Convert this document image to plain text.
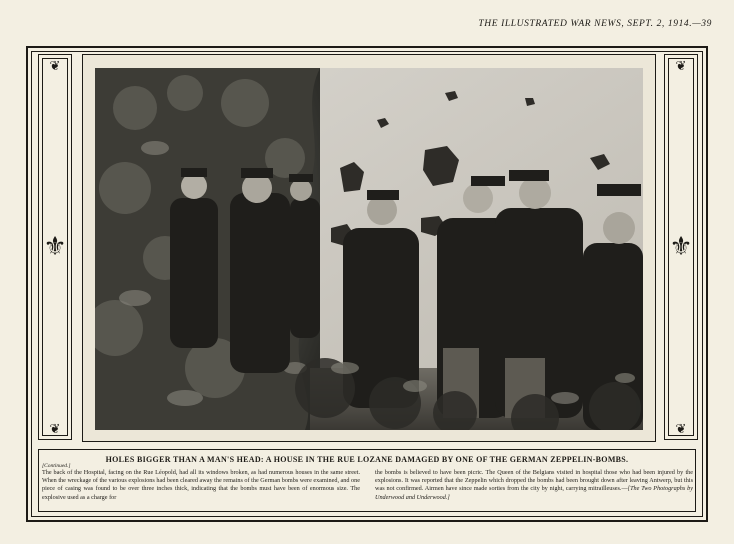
THE ILLUSTRATED WAR NEWS, SEPT. 2, 1914.—39
❦
⚜
❦
❦
⚜
❦
HOLES BIGGER THAN A MAN'S HEAD: A HOUSE IN THE RUE LOZANE DAMAGED BY ONE OF THE GERMAN ZEPPELIN-BOMBS.
[Continued.]
The back of the Hospital, facing on the Rue Léopold, had all its windows broken, as had numerous houses in the same street. When the wreckage of the various explosions had been cleared away the remains of the German bombs were examined, and one piece of casing was found to be over three inches thick, indicating that the bombs must have been of enormous size. The explosive used as a charge for
the bombs is believed to have been picric. The Queen of the Belgians visited in hospital those who had been injured by the explosions. It was reported that the Zeppelin which dropped the bombs had been brought down after leaving Antwerp, but this was not confirmed. Airmen have since made sorties from the city by night, carrying mitrailleuses.—[The Two Photographs by Underwood and Underwood.]
